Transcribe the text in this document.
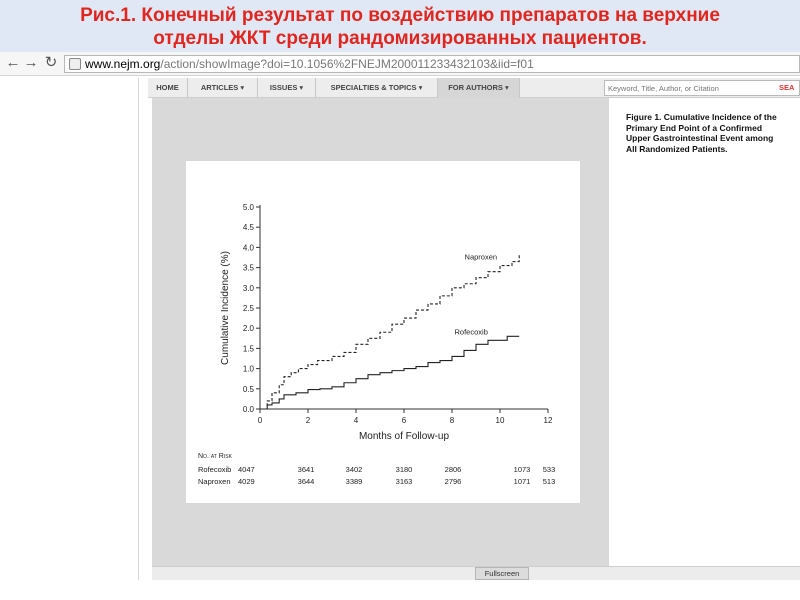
Рис.1. Конечный результат по воздействию препаратов на верхние
отделы ЖКТ среди рандомизированных пациентов.
← → ↻	www.nejm.org/action/showImage?doi=10.1056%2FNEJM200011233432103&iid=f01
HOME	ARTICLES ▾	ISSUES ▾	SPECIALTIES & TOPICS ▾	FOR AUTHORS ▾
Keyword, Title, Author, or Citation	SEA
0.0
0.5
1.0
1.5
2.0
2.5
3.0
3.5
4.0
4.5
5.0
0	2	4	6	8	10	12
Months of Follow-up
Cumulative Incidence (%)	Naproxen
Rofecoxib
No. at Risk
Rofecoxib 4047	3641	3402	3180	2806	1073 533
Naproxen 4029	3644	3389	3163	2796	1071 513
Figure 1. Cumulative Incidence of the Primary End Point of a Confirmed Upper Gastrointestinal Event among All Randomized Patients.
Fullscreen
